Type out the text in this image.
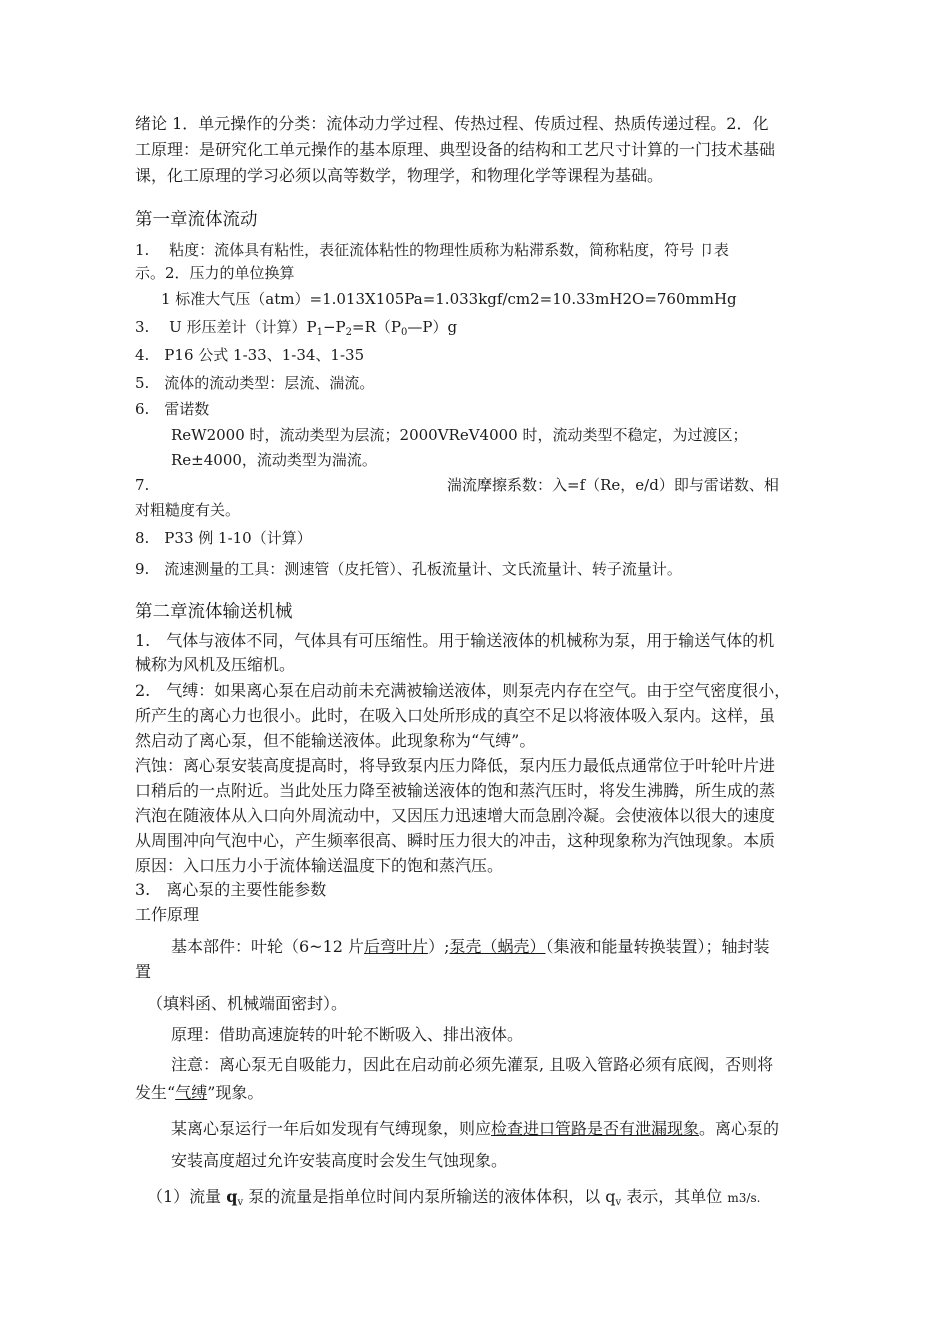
绪论 1．单元操作的分类：流体动力学过程、传热过程、传质过程、热质传递过程。2．化
工原理：是研究化工单元操作的基本原理、典型设备的结构和工艺尺寸计算的一门技术基础
课，化工原理的学习必须以高等数学，物理学，和物理化学等课程为基础。
第一章流体流动
1.　 粘度：流体具有粘性，表征流体粘性的物理性质称为粘滞系数，简称粘度，符号 卩表
示。2．压力的单位换算
1 标准大气压（atm）=1.013X105Pa=1.033kgf/cm2=10.33mH2O=760mmHg
3.　 U 形压差计（计算）$P_1-P_2=R(P_0—P)g$
4.　P16 公式 1-33、1-34、1-35
5.　流体的流动类型：层流、湍流。
6.　雷诺数
ReW2000 时，流动类型为层流；2000VReV4000 时，流动类型不稳定，为过渡区；
Re±4000，流动类型为湍流。
7.	湍流摩擦系数：入=f（Re，e/d）即与雷诺数、相
对粗糙度有关。
8.　P33 例 1-10（计算）
9.　流速测量的工具：测速管（皮托管）、孔板流量计、文氏流量计、转子流量计。
第二章流体输送机械
1.　气体与液体不同，气体具有可压缩性。用于输送液体的机械称为泵，用于输送气体的机
械称为风机及压缩机。
2.　气缚：如果离心泵在启动前未充满被输送液体，则泵壳内存在空气。由于空气密度很小，
所产生的离心力也很小。此时，在吸入口处所形成的真空不足以将液体吸入泵内。这样，虽
然启动了离心泵，但不能输送液体。此现象称为“气缚”。
汽蚀：离心泵安装高度提高时，将导致泵内压力降低，泵内压力最低点通常位于叶轮叶片进
口稍后的一点附近。当此处压力降至被输送液体的饱和蒸汽压时，将发生沸腾，所生成的蒸
汽泡在随液体从入口向外周流动中，又因压力迅速增大而急剧冷凝。会使液体以很大的速度
从周围冲向气泡中心，产生频率很高、瞬时压力很大的冲击，这种现象称为汽蚀现象。本质
原因：入口压力小于流体输送温度下的饱和蒸汽压。
3.　离心泵的主要性能参数
工作原理
基本部件：叶轮（6~12 片后弯叶片）;泵壳（蜗壳）（集液和能量转换装置）；轴封装
置
（填料函、机械端面密封）。
原理：借助高速旋转的叶轮不断吸入、排出液体。
注意：离心泵无自吸能力，因此在启动前必须先灌泵, 且吸入管路必须有底阀，否则将
发生“气缚”现象。
某离心泵运行一年后如发现有气缚现象，则应检查进口管路是否有泄漏现象。离心泵的
安装高度超过允许安装高度时会发生气蚀现象。
（1）流量 $q_v$ 泵的流量是指单位时间内泵所输送的液体体积，以 $q_v$ 表示，其单位 m3/s.
